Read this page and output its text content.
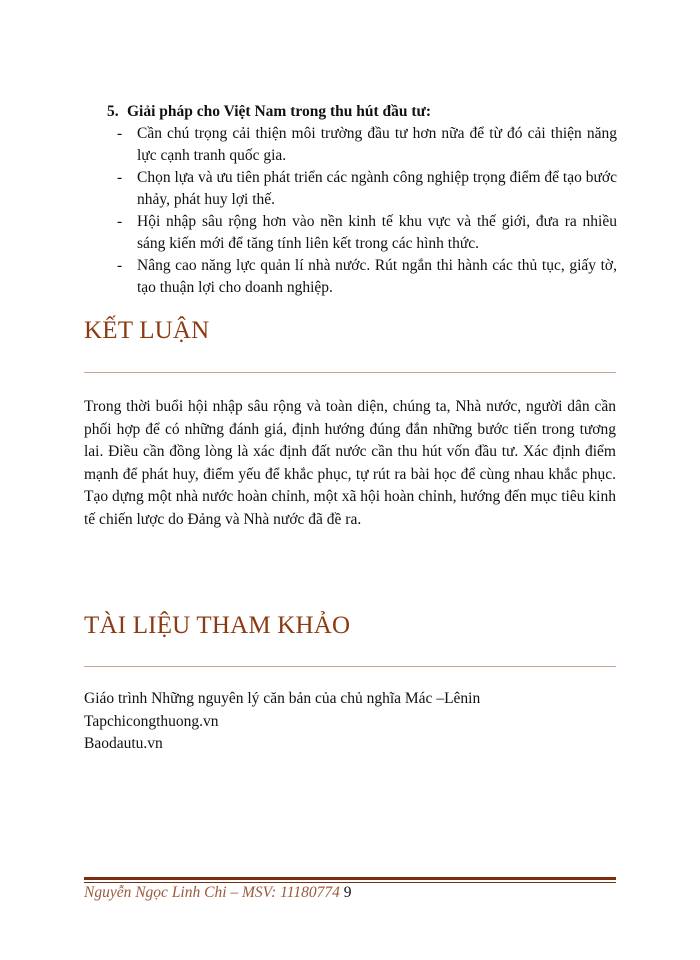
5. Giải pháp cho Việt Nam trong thu hút đầu tư:

- Cần chú trọng cải thiện môi trường đầu tư hơn nữa để từ đó cải thiện năng lực cạnh tranh quốc gia.
- Chọn lựa và ưu tiên phát triển các ngành công nghiệp trọng điểm để tạo bước nhảy, phát huy lợi thế.
- Hội nhập sâu rộng hơn vào nền kinh tế khu vực và thế giới, đưa ra nhiều sáng kiến mới để tăng tính liên kết trong các hình thức.
- Nâng cao năng lực quản lí nhà nước. Rút ngắn thi hành các thủ tục, giấy tờ, tạo thuận lợi cho doanh nghiệp.
KẾT LUẬN

Trong thời buổi hội nhập sâu rộng và toàn diện, chúng ta, Nhà nước, người dân cần phối hợp để có những đánh giá, định hướng đúng đắn những bước tiến trong tương lai. Điều cần đồng lòng là xác định đất nước cần thu hút vốn đầu tư. Xác định điểm mạnh để phát huy, điểm yếu để khắc phục, tự rút ra bài học để cùng nhau khắc phục. Tạo dựng một nhà nước hoàn chỉnh, một xã hội hoàn chỉnh, hướng đến mục tiêu kinh tế chiến lược do Đảng và Nhà nước đã đề ra.

TÀI LIỆU THAM KHẢO
Giáo trình Những nguyên lý căn bản của chủ nghĩa Mác –Lênin
Tapchicongthuong.vn
Baodautu.vn
Nguyễn Ngọc Linh Chi – MSV: 11180774 9
